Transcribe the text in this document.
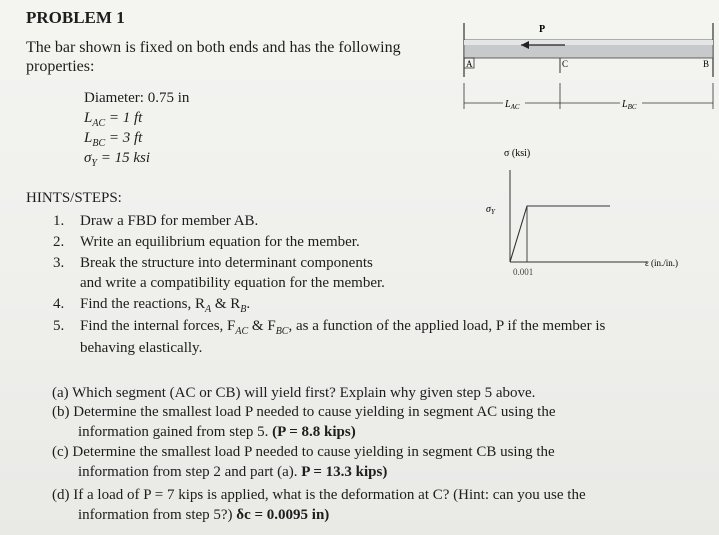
PROBLEM 1
The bar shown is fixed on both ends and has the following properties:
Diameter: 0.75 in
$L_{AC} = 1$ ft
$L_{BC} = 3$ ft
$\sigma_Y = 15$ ksi
HINTS/STEPS:
1. Draw a FBD for member AB.
2. Write an equilibrium equation for the member.
3. Break the structure into determinant components
and write a compatibility equation for the member.
4. Find the reactions, $R_A$ & $R_B$.
5. Find the internal forces, $F_{AC}$ & $F_{BC}$, as a function of the applied load, P if the member is
behaving elastically.
(a) Which segment (AC or CB) will yield first? Explain why given step 5 above.
(b) Determine the smallest load P needed to cause yielding in segment AC using the
information gained from step 5. (P = 8.8 kips)
(c) Determine the smallest load P needed to cause yielding in segment CB using the
information from step 2 and part (a). P = 13.3 kips)
(d) If a load of P = 7 kips is applied, what is the deformation at C? (Hint: can you use the
information from step 5?) δc = 0.0095 in)
P
A	C	B
$L_{AC}$	$L_{BC}$
σ (ksi)
$\sigma_Y$
0.001
ε (in./in.)
